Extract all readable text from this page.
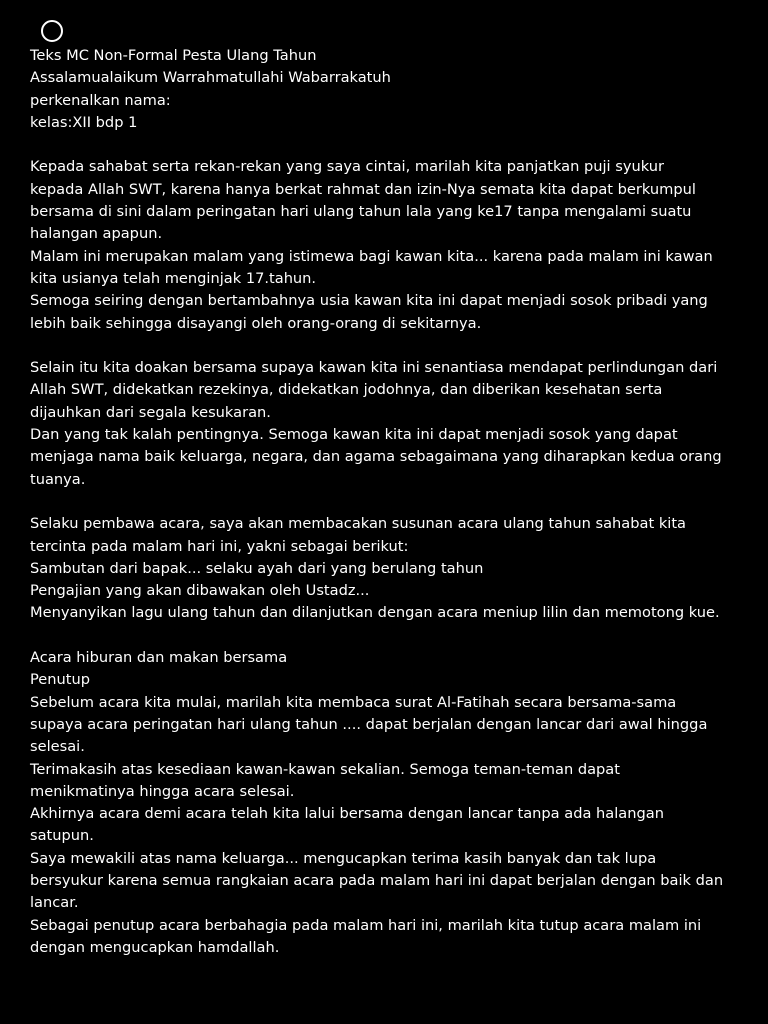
Teks MC Non-Formal Pesta Ulang Tahun
Assalamualaikum Warrahmatullahi Wabarrakatuh
perkenalkan nama:
kelas:XII bdp 1
Kepada sahabat serta rekan-rekan yang saya cintai, marilah kita panjatkan puji syukur
kepada Allah SWT, karena hanya berkat rahmat dan izin-Nya semata kita dapat berkumpul
bersama di sini dalam peringatan hari ulang tahun lala yang ke17 tanpa mengalami suatu
halangan apapun.
Malam ini merupakan malam yang istimewa bagi kawan kita... karena pada malam ini kawan
kita usianya telah menginjak 17.tahun.
Semoga seiring dengan bertambahnya usia kawan kita ini dapat menjadi sosok pribadi yang
lebih baik sehingga disayangi oleh orang-orang di sekitarnya.
Selain itu kita doakan bersama supaya kawan kita ini senantiasa mendapat perlindungan dari
Allah SWT, didekatkan rezekinya, didekatkan jodohnya, dan diberikan kesehatan serta
dijauhkan dari segala kesukaran.
Dan yang tak kalah pentingnya. Semoga kawan kita ini dapat menjadi sosok yang dapat
menjaga nama baik keluarga, negara, dan agama sebagaimana yang diharapkan kedua orang
tuanya.
Selaku pembawa acara, saya akan membacakan susunan acara ulang tahun sahabat kita
tercinta pada malam hari ini, yakni sebagai berikut:
Sambutan dari bapak... selaku ayah dari yang berulang tahun
Pengajian yang akan dibawakan oleh Ustadz...
Menyanyikan lagu ulang tahun dan dilanjutkan dengan acara meniup lilin dan memotong kue.
Acara hiburan dan makan bersama
Penutup
Sebelum acara kita mulai, marilah kita membaca surat Al-Fatihah secara bersama-sama
supaya acara peringatan hari ulang tahun .... dapat berjalan dengan lancar dari awal hingga
selesai.
Terimakasih atas kesediaan kawan-kawan sekalian. Semoga teman-teman dapat
menikmatinya hingga acara selesai.
Akhirnya acara demi acara telah kita lalui bersama dengan lancar tanpa ada halangan
satupun.
Saya mewakili atas nama keluarga... mengucapkan terima kasih banyak dan tak lupa
bersyukur karena semua rangkaian acara pada malam hari ini dapat berjalan dengan baik dan
lancar.
Sebagai penutup acara berbahagia pada malam hari ini, marilah kita tutup acara malam ini
dengan mengucapkan hamdallah.
